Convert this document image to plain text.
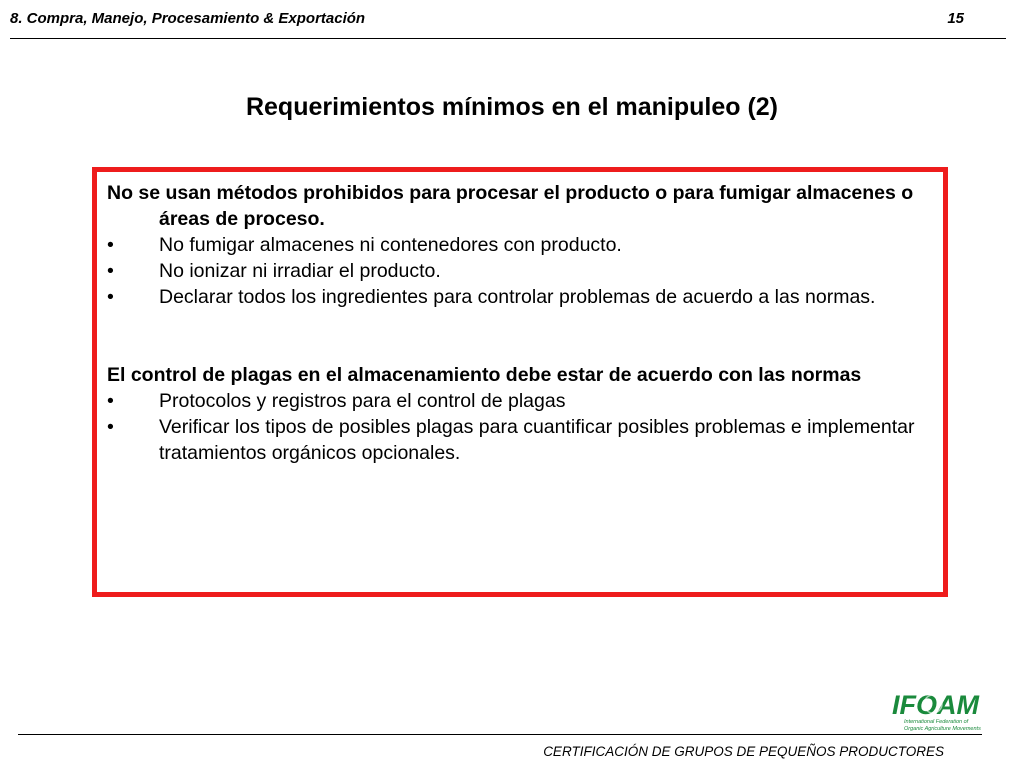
8. Compra, Manejo, Procesamiento & Exportación	15
Requerimientos mínimos en el manipuleo (2)

No se usan métodos prohibidos para procesar el producto o para fumigar almacenes o áreas de proceso.

• No fumigar almacenes ni contenedores con producto.

• No ionizar ni irradiar el producto.

• Declarar todos los ingredientes para controlar problemas de acuerdo a las normas.

El control de plagas en el almacenamiento debe estar de acuerdo con las normas

• Protocolos y registros para el control de plagas

• Verificar los tipos de posibles plagas para cuantificar posibles problemas e implementar tratamientos orgánicos opcionales.

IFOAM
International Federation of
Organic Agriculture Movements
CERTIFICACIÓN DE GRUPOS DE PEQUEÑOS PRODUCTORES
